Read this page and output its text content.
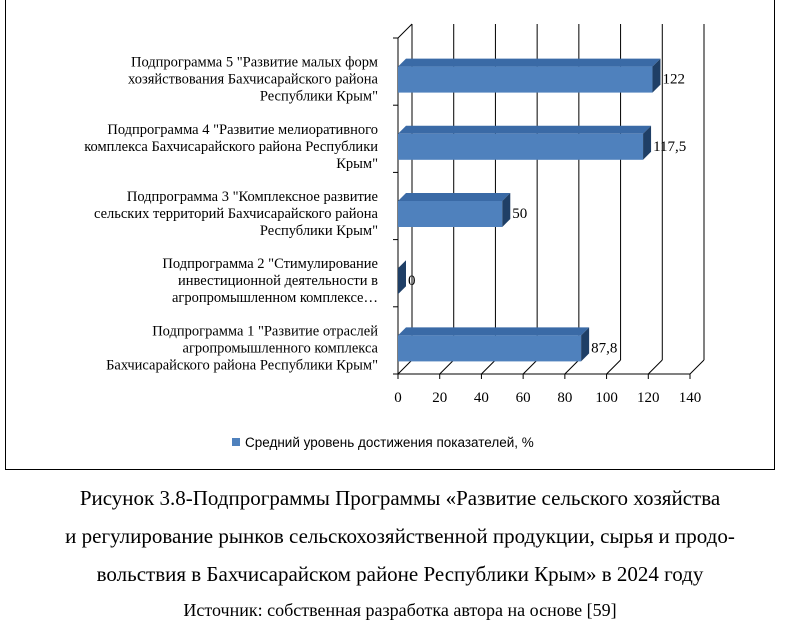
0 20 40 60 80 100 120 140
122
Подпрограмма 5 "Развитие малых форм
хозяйствования Бахчисарайского района
Республики Крым"
117,5
Подпрограмма 4 "Развитие мелиоративного
комплекса Бахчисарайского района Республики
Крым"
50
Подпрограмма 3 "Комплексное развитие
сельских территорий Бахчисарайского района
Республики Крым"
0
Подпрограмма 2 "Стимулирование
инвестиционной деятельности в
агропромышленном комплексе…
87,8
Подпрограмма 1 "Развитие отраслей
агропромышленного комплекса
Бахчисарайского района Республики Крым"
Средний уровень достижения показателей, %
Рисунок 3.8-Подпрограммы Программы «Развитие сельского хозяйства
и регулирование рынков сельскохозяйственной продукции, сырья и продо-
вольствия в Бахчисарайском районе Республики Крым» в 2024 году
Источник: собственная разработка автора на основе [59]
